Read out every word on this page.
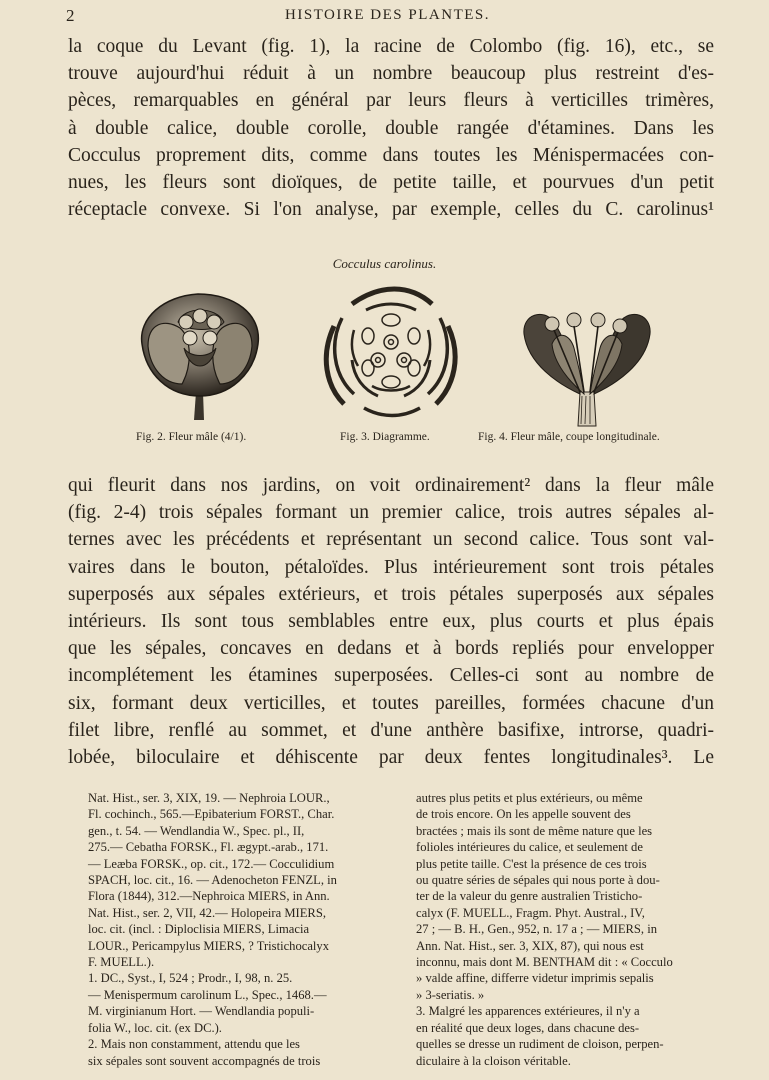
2	HISTOIRE DES PLANTES.
la coque du Levant (fig. 1), la racine de Colombo (fig. 16), etc., se
trouve aujourd'hui réduit à un nombre beaucoup plus restreint d'es-
pèces, remarquables en général par leurs fleurs à verticilles trimères,
à double calice, double corolle, double rangée d'étamines. Dans les
Cocculus proprement dits, comme dans toutes les Ménispermacées con-
nues, les fleurs sont dioïques, de petite taille, et pourvues d'un petit
réceptacle convexe. Si l'on analyse, par exemple, celles du C. carolinus¹
Cocculus carolinus.
Fig. 2. Fleur mâle (4/1).	Fig. 3. Diagramme.	Fig. 4. Fleur mâle, coupe longitudinale.
qui fleurit dans nos jardins, on voit ordinairement² dans la fleur mâle
(fig. 2-4) trois sépales formant un premier calice, trois autres sépales al-
ternes avec les précédents et représentant un second calice. Tous sont val-
vaires dans le bouton, pétaloïdes. Plus intérieurement sont trois pétales
superposés aux sépales extérieurs, et trois pétales superposés aux sépales
intérieurs. Ils sont tous semblables entre eux, plus courts et plus épais
que les sépales, concaves en dedans et à bords repliés pour envelopper
incomplétement les étamines superposées. Celles-ci sont au nombre de
six, formant deux verticilles, et toutes pareilles, formées chacune d'un
filet libre, renflé au sommet, et d'une anthère basifixe, introrse, quadri-
lobée, biloculaire et déhiscente par deux fentes longitudinales³. Le
Nat. Hist., ser. 3, XIX, 19. — Nephroia LOUR.,
Fl. cochinch., 565.—Epibaterium FORST., Char.
gen., t. 54. — Wendlandia W., Spec. pl., II,
275.— Cebatha FORSK., Fl. ægypt.-arab., 171.
— Leæba FORSK., op. cit., 172.— Cocculidium
SPACH, loc. cit., 16. — Adenocheton FENZL, in
Flora (1844), 312.—Nephroica MIERS, in Ann.
Nat. Hist., ser. 2, VII, 42.— Holopeira MIERS,
loc. cit. (incl. : Diploclisia MIERS, Limacia
LOUR., Pericampylus MIERS, ? Tristichocalyx
F. MUELL.).
1. DC., Syst., I, 524 ; Prodr., I, 98, n. 25.
— Menispermum carolinum L., Spec., 1468.—
M. virginianum Hort. — Wendlandia populi-
folia W., loc. cit. (ex DC.).
2. Mais non constamment, attendu que les
six sépales sont souvent accompagnés de trois
autres plus petits et plus extérieurs, ou même
de trois encore. On les appelle souvent des
bractées ; mais ils sont de même nature que les
folioles intérieures du calice, et seulement de
plus petite taille. C'est la présence de ces trois
ou quatre séries de sépales qui nous porte à dou-
ter de la valeur du genre australien Tristicho-
calyx (F. MUELL., Fragm. Phyt. Austral., IV,
27 ; — B. H., Gen., 952, n. 17 a ; — MIERS, in
Ann. Nat. Hist., ser. 3, XIX, 87), qui nous est
inconnu, mais dont M. BENTHAM dit : « Cocculo
» valde affine, differre videtur imprimis sepalis
» 3-seriatis. »
3. Malgré les apparences extérieures, il n'y a
en réalité que deux loges, dans chacune des-
quelles se dresse un rudiment de cloison, perpen-
diculaire à la cloison véritable.
